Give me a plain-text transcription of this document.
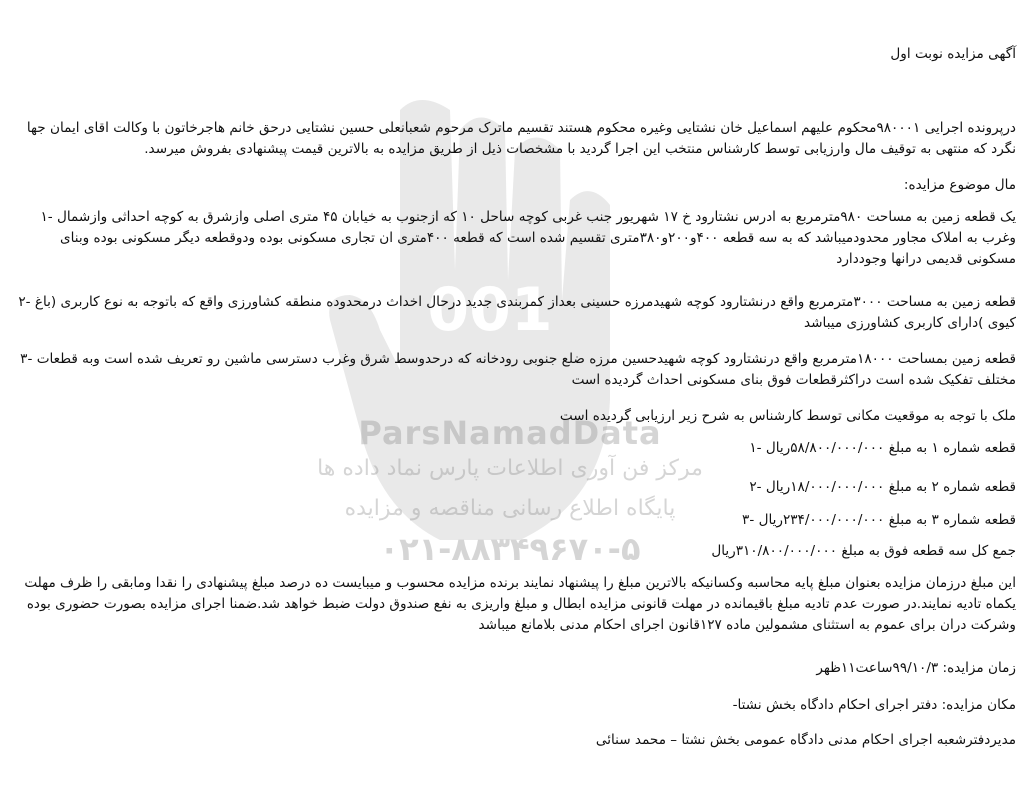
001
ParsNamadData
مرکز فن آوری اطلاعات پارس نماد داده ها
پایگاه اطلاع رسانی مناقصه و مزایده
۰۲۱-۸۸۳۴۹۶۷۰-۵
آگهی مزایده نوبت اول
درپرونده اجرایی ۹۸۰۰۰۱محکوم علیهم اسماعیل خان نشتایی وغیره محکوم هستند تقسیم ماترک مرحوم شعبانعلی حسین نشتایی درحق خانم هاجرخاتون با وکالت اقای ایمان جها نگرد که منتهی به توقیف مال وارزیابی توسط کارشناس منتخب این اجرا گردید با مشخصات ذیل از طریق مزایده به بالاترین قیمت پیشنهادی بفروش میرسد.
مال موضوع مزایده:
یک قطعه زمین به مساحت ۹۸۰مترمربع به ادرس نشتارود خ ۱۷ شهریور جنب غربی کوچه ساحل ۱۰ که ازجنوب به خیابان ۴۵ متری اصلی وازشرق به کوچه احداثی وازشمال -۱ وغرب به املاک مجاور محدودمیباشد که به سه قطعه ۴۰۰و۲۰۰و۳۸۰متری تقسیم شده است که قطعه ۴۰۰متری ان تجاری مسکونی بوده ودوقطعه دیگر مسکونی بوده وبنای مسکونی قدیمی درانها وجوددارد
قطعه زمین به مساحت ۳۰۰۰مترمربع واقع درنشتارود کوچه شهیدمرزه حسینی بعداز کمربندی جدید درحال اخداث درمحدوده منطقه کشاورزی واقع که باتوجه به نوع کاربری (باغ -۲ کیوی )دارای کاربری کشاورزی میباشد
قطعه زمین بمساحت ۱۸۰۰۰مترمربع واقع درنشتارود کوچه شهیدحسین مرزه ضلع جنوبی رودخانه که درحدوسط شرق وغرب دسترسی ماشین رو تعریف شده است وبه قطعات -۳ مختلف تفکیک شده است دراکثرقطعات فوق بنای مسکونی احداث گردیده است
ملک با توجه به موقعیت مکانی توسط کارشناس به شرح زیر ارزیابی گردیده است
قطعه شماره ۱ به مبلغ ۵۸/۸۰۰/۰۰۰/۰۰۰ریال -۱
قطعه شماره ۲ به مبلغ ۱۸/۰۰۰/۰۰۰/۰۰۰ریال -۲
قطعه شماره ۳ به مبلغ ۲۳۴/۰۰۰/۰۰۰/۰۰۰ریال -۳
جمع کل سه قطعه فوق به مبلغ ۳۱۰/۸۰۰/۰۰۰/۰۰۰ریال
این مبلغ درزمان مزایده بعنوان مبلغ پایه محاسبه وکسانیکه بالاترین مبلغ را پیشنهاد نمایند برنده مزایده محسوب و میبایست ده درصد مبلغ پیشنهادی را نقدا ومابقی را ظرف مهلت یکماه تادیه نمایند.در صورت عدم تادیه مبلغ باقیمانده در مهلت قانونی مزایده ابطال و مبلغ واریزی به نفع صندوق دولت ضبط خواهد شد.ضمنا اجرای مزایده بصورت حضوری بوده وشرکت دران برای عموم به استثنای مشمولین ماده ۱۲۷قانون اجرای احکام مدنی بلامانع میباشد
زمان مزایده: ۹۹/۱۰/۳ساعت۱۱ظهر
مکان مزایده: دفتر اجرای احکام دادگاه بخش نشتا-
مدیردفترشعبه اجرای احکام مدنی دادگاه عمومی بخش نشتا – محمد سنائی
